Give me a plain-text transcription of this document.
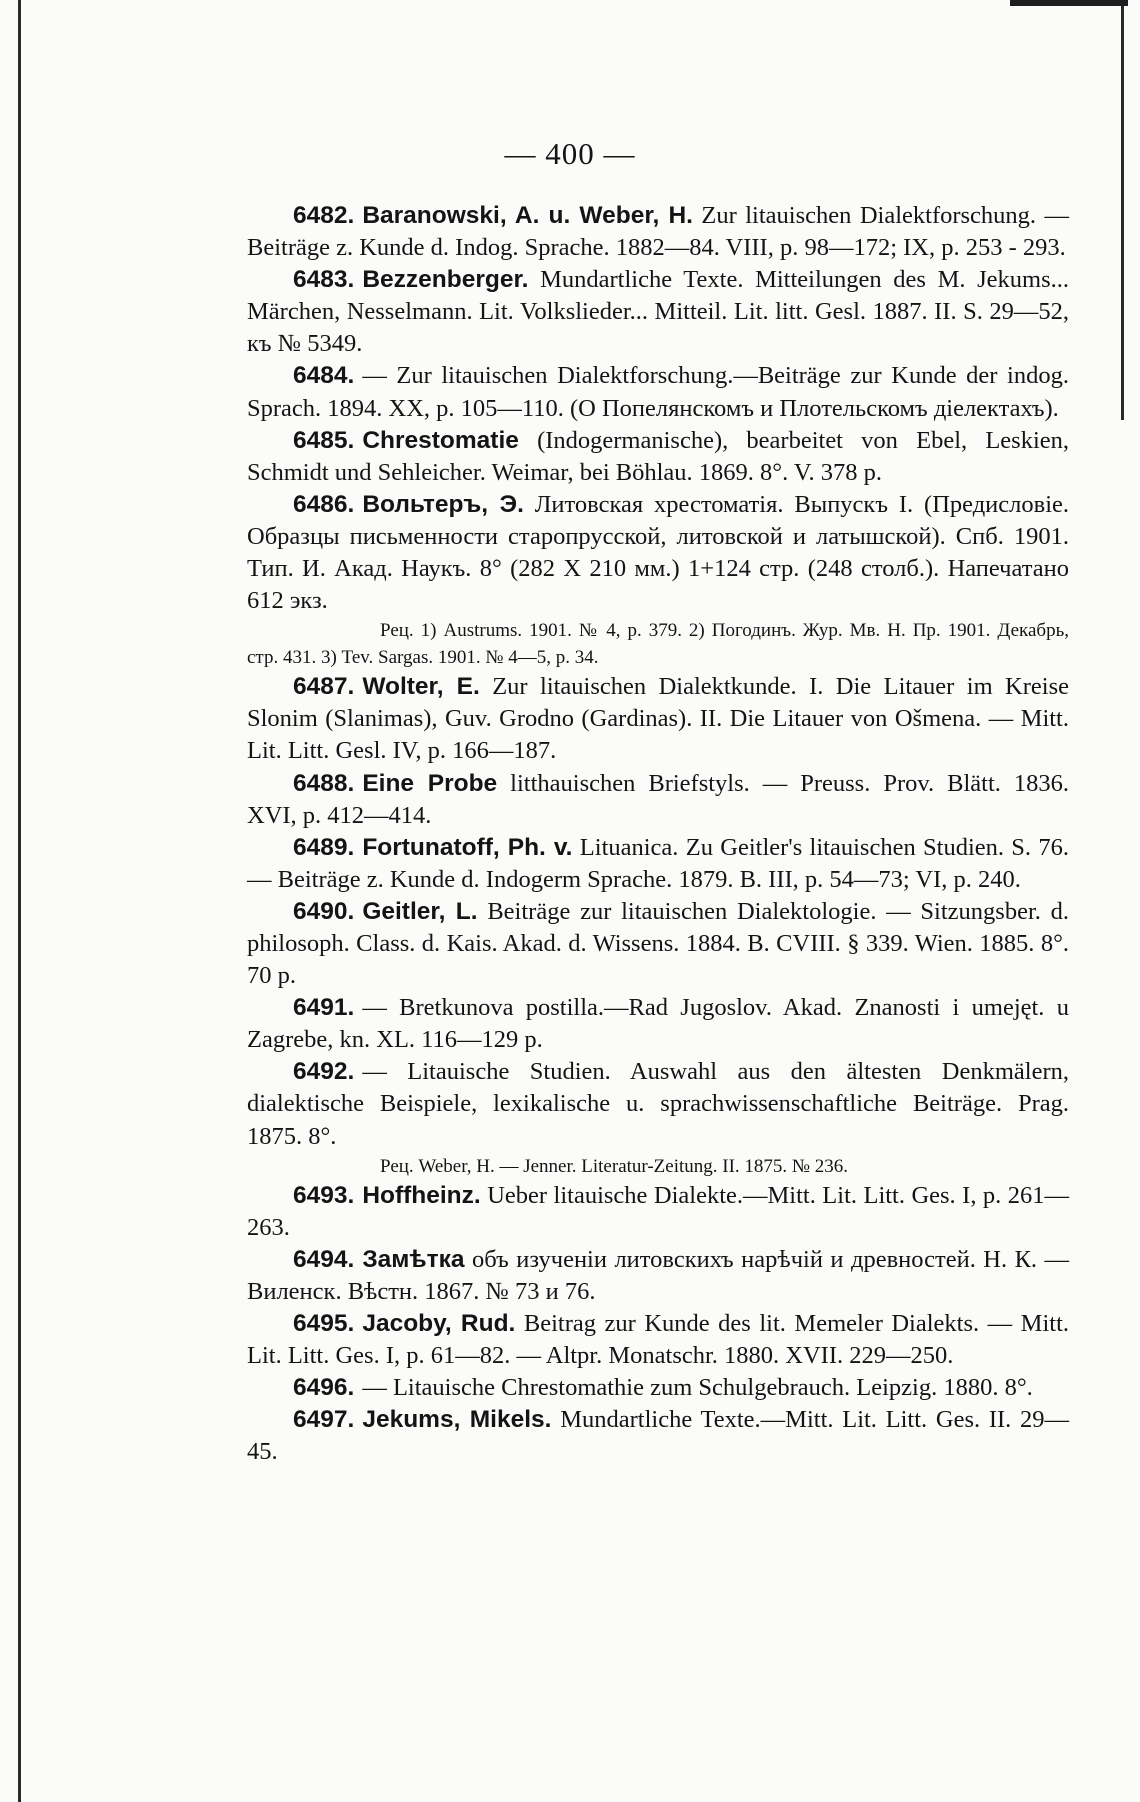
— 400 —

6482. Baranowski, A. u. Weber, H. Zur litauischen Dialektforschung. — Beiträge z. Kunde d. Indog. Sprache. 1882—84. VIII, p. 98—172; IX, p. 253 - 293.

6483. Bezzenberger. Mundartliche Texte. Mitteilungen des M. Jekums... Märchen, Nesselmann. Lit. Volkslieder... Mitteil. Lit. litt. Gesl. 1887. II. S. 29—52, къ № 5349.

6484. — Zur litauischen Dialektforschung.—Beiträge zur Kunde der indog. Sprach. 1894. XX, p. 105—110. (О Попелянскомъ и Плотельскомъ діелектахъ).

6485. Chrestomatie (Indogermanische), bearbeitet von Ebel, Leskien, Schmidt und Sehleicher. Weimar, bei Böhlau. 1869. 8°. V. 378 p.

6486. Вольтеръ, Э. Литовская хрестоматія. Выпускъ I. (Предисловіе. Образцы письменности старопрусской, литовской и латышской). Спб. 1901. Тип. И. Акад. Наукъ. 8° (282 X 210 мм.) 1+124 стр. (248 столб.). Напечатано 612 экз.

Рец. 1) Austrums. 1901. № 4, p. 379. 2) Погодинъ. Жур. Мв. Н. Пр. 1901. Декабрь, стр. 431. 3) Tev. Sargas. 1901. № 4—5, p. 34.

6487. Wolter, E. Zur litauischen Dialektkunde. I. Die Litauer im Kreise Slonim (Slanimas), Guv. Grodno (Gardinas). II. Die Litauer von Ošmena. — Mitt. Lit. Litt. Gesl. IV, p. 166—187.

6488. Eine Probe litthauischen Briefstyls. — Preuss. Prov. Blätt. 1836. XVI, p. 412—414.

6489. Fortunatoff, Ph. v. Lituanica. Zu Geitler's litauischen Studien. S. 76. — Beiträge z. Kunde d. Indogerm Sprache. 1879. B. III, p. 54—73; VI, p. 240.

6490. Geitler, L. Beiträge zur litauischen Dialektologie. — Sitzungsber. d. philosoph. Class. d. Kais. Akad. d. Wissens. 1884. B. CVIII. § 339. Wien. 1885. 8°. 70 p.

6491. — Bretkunova postilla.—Rad Jugoslov. Akad. Znanosti i umejęt. u Zagrebe, kn. XL. 116—129 p.

6492. — Litauische Studien. Auswahl aus den ältesten Denkmälern, dialektische Beispiele, lexikalische u. sprachwissenschaftliche Beiträge. Prag. 1875. 8°.

Рец. Weber, H. — Jenner. Literatur-Zeitung. II. 1875. № 236.

6493. Hoffheinz. Ueber litauische Dialekte.—Mitt. Lit. Litt. Ges. I, p. 261—263.

6494. Замѣтка объ изученіи литовскихъ нарѣчій и древностей. Н. К. — Виленск. Вѣстн. 1867. № 73 и 76.

6495. Jacoby, Rud. Beitrag zur Kunde des lit. Memeler Dialekts. — Mitt. Lit. Litt. Ges. I, p. 61—82. — Altpr. Monatschr. 1880. XVII. 229—250.

6496. — Litauische Chrestomathie zum Schulgebrauch. Leipzig. 1880. 8°.

6497. Jekums, Mikels. Mundartliche Texte.—Mitt. Lit. Litt. Ges. II. 29—45.
